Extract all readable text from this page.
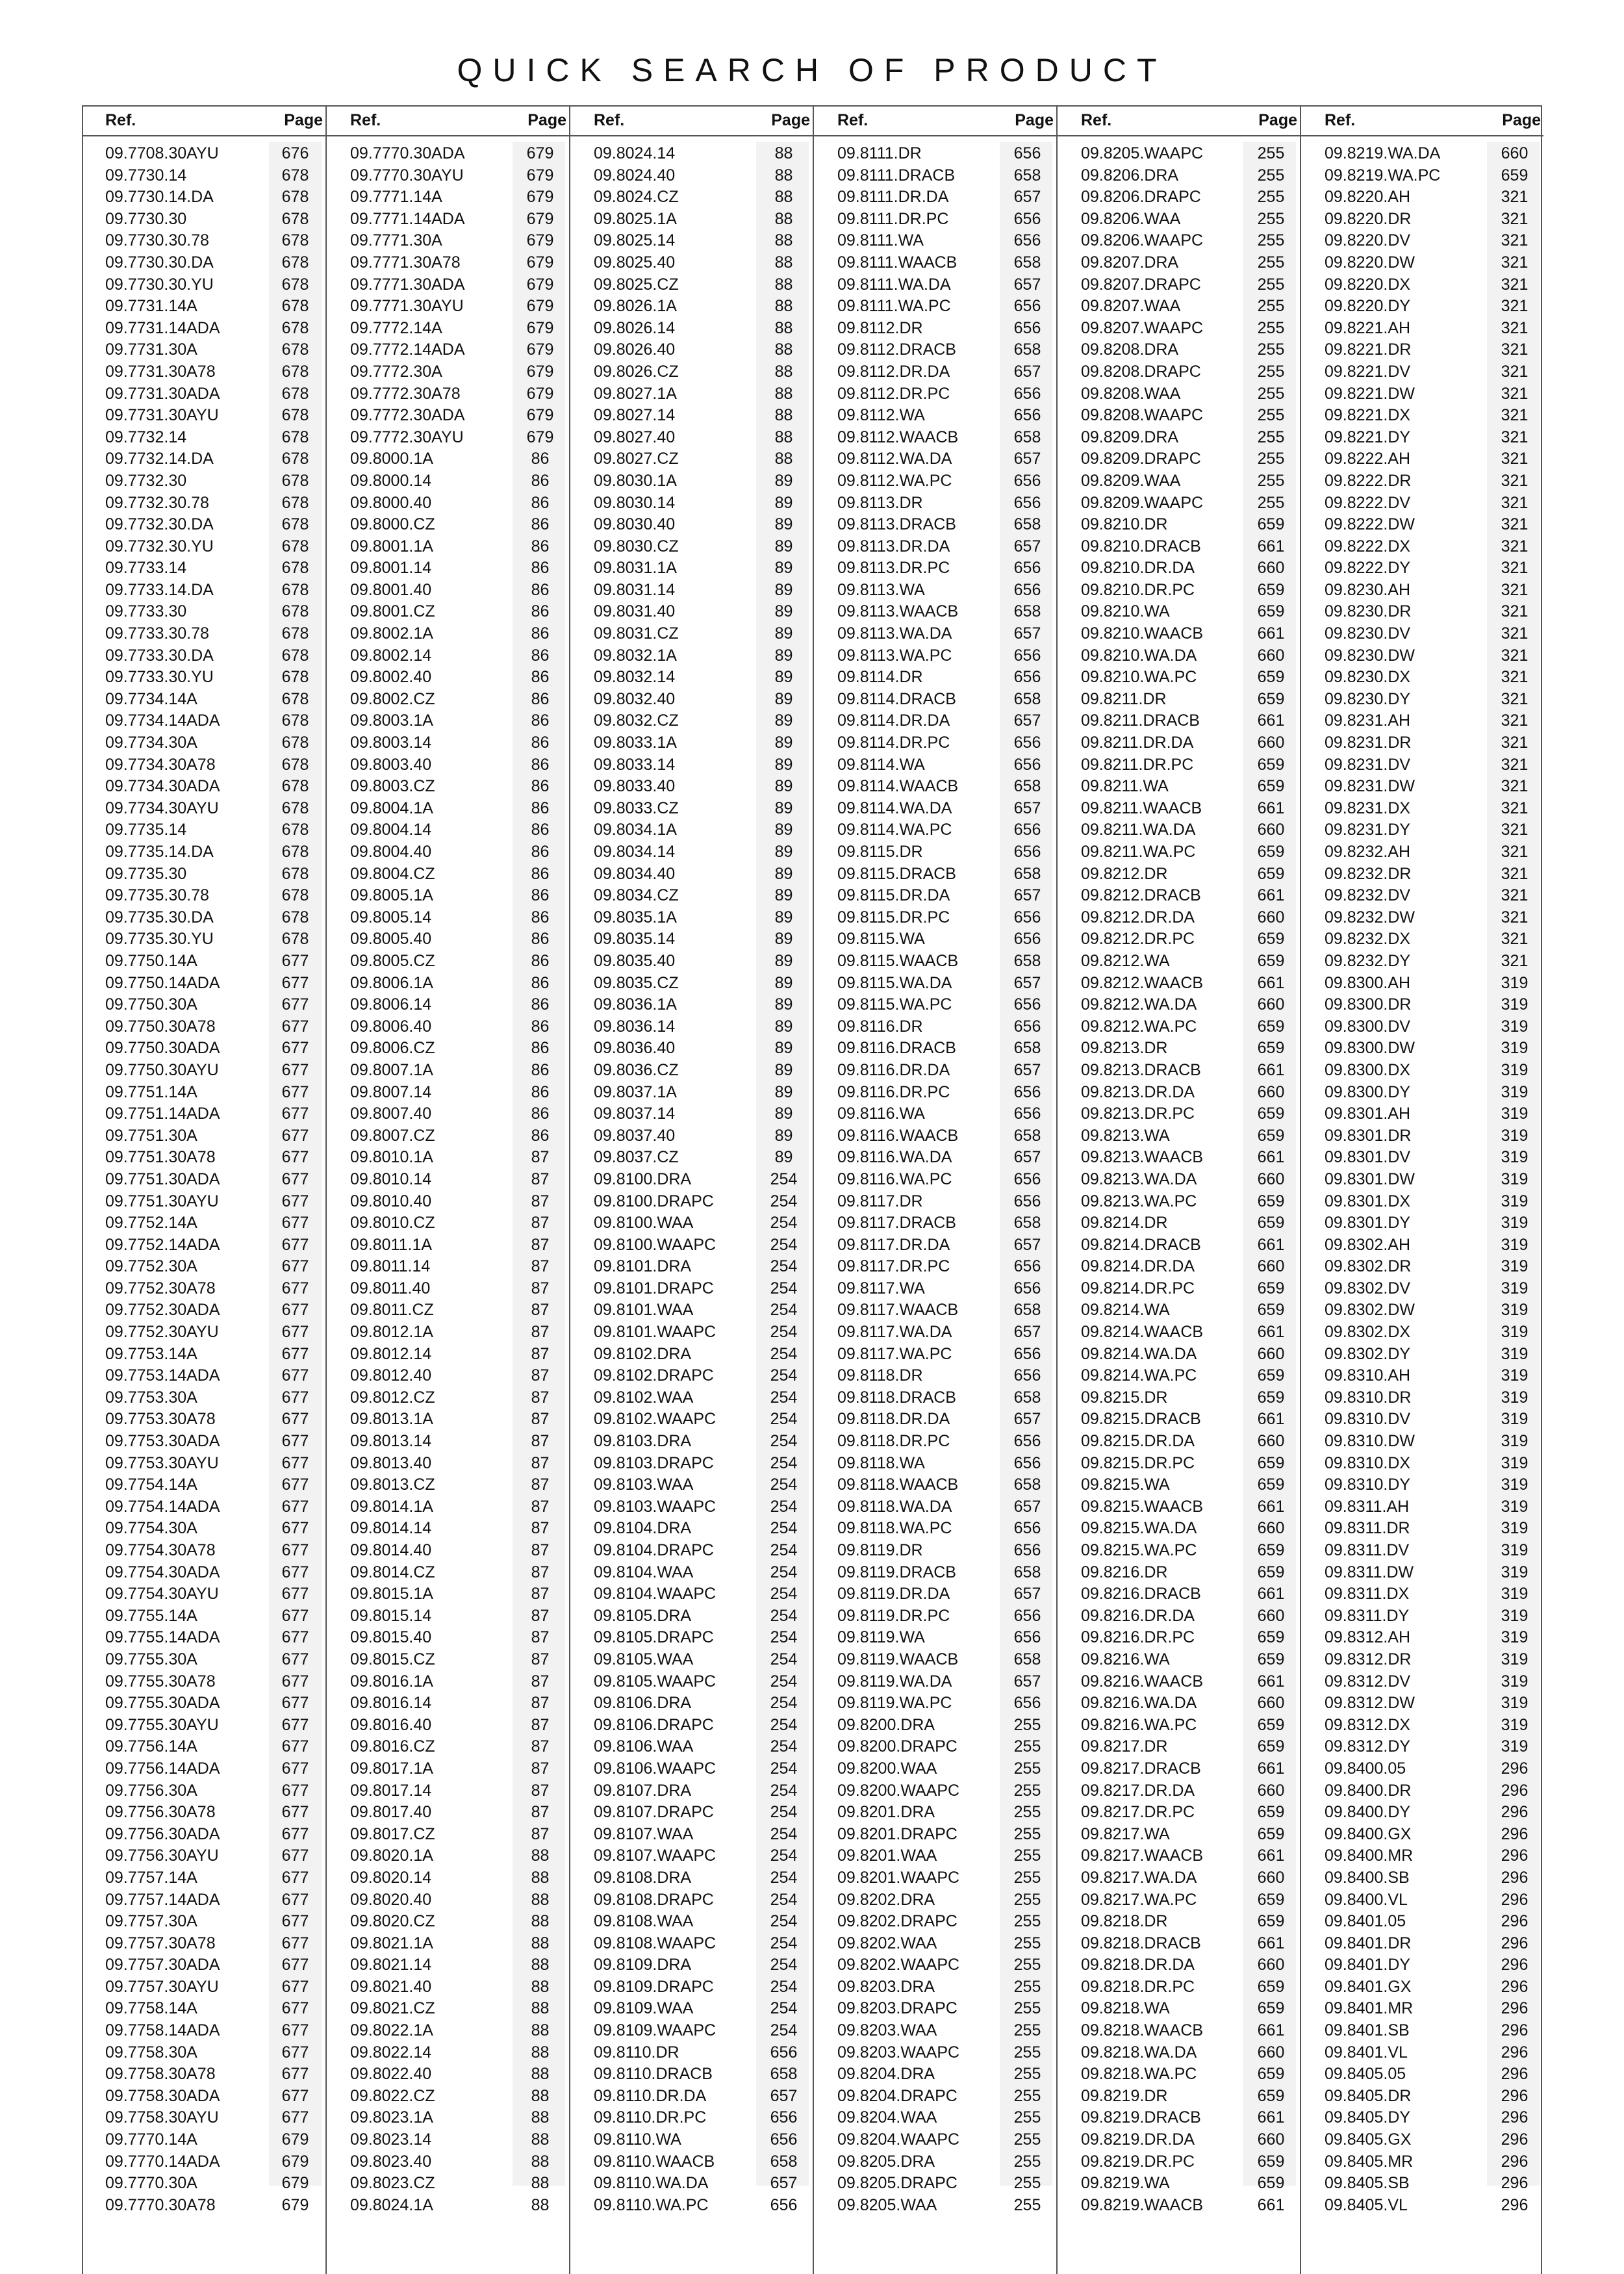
QUICK SEARCH OF PRODUCT
Ref.	Page
09.7708.30AYU	676
09.7730.14	678
09.7730.14.DA	678
09.7730.30	678
09.7730.30.78	678
09.7730.30.DA	678
09.7730.30.YU	678
09.7731.14A	678
09.7731.14ADA	678
09.7731.30A	678
09.7731.30A78	678
09.7731.30ADA	678
09.7731.30AYU	678
09.7732.14	678
09.7732.14.DA	678
09.7732.30	678
09.7732.30.78	678
09.7732.30.DA	678
09.7732.30.YU	678
09.7733.14	678
09.7733.14.DA	678
09.7733.30	678
09.7733.30.78	678
09.7733.30.DA	678
09.7733.30.YU	678
09.7734.14A	678
09.7734.14ADA	678
09.7734.30A	678
09.7734.30A78	678
09.7734.30ADA	678
09.7734.30AYU	678
09.7735.14	678
09.7735.14.DA	678
09.7735.30	678
09.7735.30.78	678
09.7735.30.DA	678
09.7735.30.YU	678
09.7750.14A	677
09.7750.14ADA	677
09.7750.30A	677
09.7750.30A78	677
09.7750.30ADA	677
09.7750.30AYU	677
09.7751.14A	677
09.7751.14ADA	677
09.7751.30A	677
09.7751.30A78	677
09.7751.30ADA	677
09.7751.30AYU	677
09.7752.14A	677
09.7752.14ADA	677
09.7752.30A	677
09.7752.30A78	677
09.7752.30ADA	677
09.7752.30AYU	677
09.7753.14A	677
09.7753.14ADA	677
09.7753.30A	677
09.7753.30A78	677
09.7753.30ADA	677
09.7753.30AYU	677
09.7754.14A	677
09.7754.14ADA	677
09.7754.30A	677
09.7754.30A78	677
09.7754.30ADA	677
09.7754.30AYU	677
09.7755.14A	677
09.7755.14ADA	677
09.7755.30A	677
09.7755.30A78	677
09.7755.30ADA	677
09.7755.30AYU	677
09.7756.14A	677
09.7756.14ADA	677
09.7756.30A	677
09.7756.30A78	677
09.7756.30ADA	677
09.7756.30AYU	677
09.7757.14A	677
09.7757.14ADA	677
09.7757.30A	677
09.7757.30A78	677
09.7757.30ADA	677
09.7757.30AYU	677
09.7758.14A	677
09.7758.14ADA	677
09.7758.30A	677
09.7758.30A78	677
09.7758.30ADA	677
09.7758.30AYU	677
09.7770.14A	679
09.7770.14ADA	679
09.7770.30A	679
09.7770.30A78	679
Ref.	Page
09.7770.30ADA	679
09.7770.30AYU	679
09.7771.14A	679
09.7771.14ADA	679
09.7771.30A	679
09.7771.30A78	679
09.7771.30ADA	679
09.7771.30AYU	679
09.7772.14A	679
09.7772.14ADA	679
09.7772.30A	679
09.7772.30A78	679
09.7772.30ADA	679
09.7772.30AYU	679
09.8000.1A	86
09.8000.14	86
09.8000.40	86
09.8000.CZ	86
09.8001.1A	86
09.8001.14	86
09.8001.40	86
09.8001.CZ	86
09.8002.1A	86
09.8002.14	86
09.8002.40	86
09.8002.CZ	86
09.8003.1A	86
09.8003.14	86
09.8003.40	86
09.8003.CZ	86
09.8004.1A	86
09.8004.14	86
09.8004.40	86
09.8004.CZ	86
09.8005.1A	86
09.8005.14	86
09.8005.40	86
09.8005.CZ	86
09.8006.1A	86
09.8006.14	86
09.8006.40	86
09.8006.CZ	86
09.8007.1A	86
09.8007.14	86
09.8007.40	86
09.8007.CZ	86
09.8010.1A	87
09.8010.14	87
09.8010.40	87
09.8010.CZ	87
09.8011.1A	87
09.8011.14	87
09.8011.40	87
09.8011.CZ	87
09.8012.1A	87
09.8012.14	87
09.8012.40	87
09.8012.CZ	87
09.8013.1A	87
09.8013.14	87
09.8013.40	87
09.8013.CZ	87
09.8014.1A	87
09.8014.14	87
09.8014.40	87
09.8014.CZ	87
09.8015.1A	87
09.8015.14	87
09.8015.40	87
09.8015.CZ	87
09.8016.1A	87
09.8016.14	87
09.8016.40	87
09.8016.CZ	87
09.8017.1A	87
09.8017.14	87
09.8017.40	87
09.8017.CZ	87
09.8020.1A	88
09.8020.14	88
09.8020.40	88
09.8020.CZ	88
09.8021.1A	88
09.8021.14	88
09.8021.40	88
09.8021.CZ	88
09.8022.1A	88
09.8022.14	88
09.8022.40	88
09.8022.CZ	88
09.8023.1A	88
09.8023.14	88
09.8023.40	88
09.8023.CZ	88
09.8024.1A	88
Ref.	Page
09.8024.14	88
09.8024.40	88
09.8024.CZ	88
09.8025.1A	88
09.8025.14	88
09.8025.40	88
09.8025.CZ	88
09.8026.1A	88
09.8026.14	88
09.8026.40	88
09.8026.CZ	88
09.8027.1A	88
09.8027.14	88
09.8027.40	88
09.8027.CZ	88
09.8030.1A	89
09.8030.14	89
09.8030.40	89
09.8030.CZ	89
09.8031.1A	89
09.8031.14	89
09.8031.40	89
09.8031.CZ	89
09.8032.1A	89
09.8032.14	89
09.8032.40	89
09.8032.CZ	89
09.8033.1A	89
09.8033.14	89
09.8033.40	89
09.8033.CZ	89
09.8034.1A	89
09.8034.14	89
09.8034.40	89
09.8034.CZ	89
09.8035.1A	89
09.8035.14	89
09.8035.40	89
09.8035.CZ	89
09.8036.1A	89
09.8036.14	89
09.8036.40	89
09.8036.CZ	89
09.8037.1A	89
09.8037.14	89
09.8037.40	89
09.8037.CZ	89
09.8100.DRA	254
09.8100.DRAPC	254
09.8100.WAA	254
09.8100.WAAPC	254
09.8101.DRA	254
09.8101.DRAPC	254
09.8101.WAA	254
09.8101.WAAPC	254
09.8102.DRA	254
09.8102.DRAPC	254
09.8102.WAA	254
09.8102.WAAPC	254
09.8103.DRA	254
09.8103.DRAPC	254
09.8103.WAA	254
09.8103.WAAPC	254
09.8104.DRA	254
09.8104.DRAPC	254
09.8104.WAA	254
09.8104.WAAPC	254
09.8105.DRA	254
09.8105.DRAPC	254
09.8105.WAA	254
09.8105.WAAPC	254
09.8106.DRA	254
09.8106.DRAPC	254
09.8106.WAA	254
09.8106.WAAPC	254
09.8107.DRA	254
09.8107.DRAPC	254
09.8107.WAA	254
09.8107.WAAPC	254
09.8108.DRA	254
09.8108.DRAPC	254
09.8108.WAA	254
09.8108.WAAPC	254
09.8109.DRA	254
09.8109.DRAPC	254
09.8109.WAA	254
09.8109.WAAPC	254
09.8110.DR	656
09.8110.DRACB	658
09.8110.DR.DA	657
09.8110.DR.PC	656
09.8110.WA	656
09.8110.WAACB	658
09.8110.WA.DA	657
09.8110.WA.PC	656
Ref.	Page
09.8111.DR	656
09.8111.DRACB	658
09.8111.DR.DA	657
09.8111.DR.PC	656
09.8111.WA	656
09.8111.WAACB	658
09.8111.WA.DA	657
09.8111.WA.PC	656
09.8112.DR	656
09.8112.DRACB	658
09.8112.DR.DA	657
09.8112.DR.PC	656
09.8112.WA	656
09.8112.WAACB	658
09.8112.WA.DA	657
09.8112.WA.PC	656
09.8113.DR	656
09.8113.DRACB	658
09.8113.DR.DA	657
09.8113.DR.PC	656
09.8113.WA	656
09.8113.WAACB	658
09.8113.WA.DA	657
09.8113.WA.PC	656
09.8114.DR	656
09.8114.DRACB	658
09.8114.DR.DA	657
09.8114.DR.PC	656
09.8114.WA	656
09.8114.WAACB	658
09.8114.WA.DA	657
09.8114.WA.PC	656
09.8115.DR	656
09.8115.DRACB	658
09.8115.DR.DA	657
09.8115.DR.PC	656
09.8115.WA	656
09.8115.WAACB	658
09.8115.WA.DA	657
09.8115.WA.PC	656
09.8116.DR	656
09.8116.DRACB	658
09.8116.DR.DA	657
09.8116.DR.PC	656
09.8116.WA	656
09.8116.WAACB	658
09.8116.WA.DA	657
09.8116.WA.PC	656
09.8117.DR	656
09.8117.DRACB	658
09.8117.DR.DA	657
09.8117.DR.PC	656
09.8117.WA	656
09.8117.WAACB	658
09.8117.WA.DA	657
09.8117.WA.PC	656
09.8118.DR	656
09.8118.DRACB	658
09.8118.DR.DA	657
09.8118.DR.PC	656
09.8118.WA	656
09.8118.WAACB	658
09.8118.WA.DA	657
09.8118.WA.PC	656
09.8119.DR	656
09.8119.DRACB	658
09.8119.DR.DA	657
09.8119.DR.PC	656
09.8119.WA	656
09.8119.WAACB	658
09.8119.WA.DA	657
09.8119.WA.PC	656
09.8200.DRA	255
09.8200.DRAPC	255
09.8200.WAA	255
09.8200.WAAPC	255
09.8201.DRA	255
09.8201.DRAPC	255
09.8201.WAA	255
09.8201.WAAPC	255
09.8202.DRA	255
09.8202.DRAPC	255
09.8202.WAA	255
09.8202.WAAPC	255
09.8203.DRA	255
09.8203.DRAPC	255
09.8203.WAA	255
09.8203.WAAPC	255
09.8204.DRA	255
09.8204.DRAPC	255
09.8204.WAA	255
09.8204.WAAPC	255
09.8205.DRA	255
09.8205.DRAPC	255
09.8205.WAA	255
Ref.	Page
09.8205.WAAPC	255
09.8206.DRA	255
09.8206.DRAPC	255
09.8206.WAA	255
09.8206.WAAPC	255
09.8207.DRA	255
09.8207.DRAPC	255
09.8207.WAA	255
09.8207.WAAPC	255
09.8208.DRA	255
09.8208.DRAPC	255
09.8208.WAA	255
09.8208.WAAPC	255
09.8209.DRA	255
09.8209.DRAPC	255
09.8209.WAA	255
09.8209.WAAPC	255
09.8210.DR	659
09.8210.DRACB	661
09.8210.DR.DA	660
09.8210.DR.PC	659
09.8210.WA	659
09.8210.WAACB	661
09.8210.WA.DA	660
09.8210.WA.PC	659
09.8211.DR	659
09.8211.DRACB	661
09.8211.DR.DA	660
09.8211.DR.PC	659
09.8211.WA	659
09.8211.WAACB	661
09.8211.WA.DA	660
09.8211.WA.PC	659
09.8212.DR	659
09.8212.DRACB	661
09.8212.DR.DA	660
09.8212.DR.PC	659
09.8212.WA	659
09.8212.WAACB	661
09.8212.WA.DA	660
09.8212.WA.PC	659
09.8213.DR	659
09.8213.DRACB	661
09.8213.DR.DA	660
09.8213.DR.PC	659
09.8213.WA	659
09.8213.WAACB	661
09.8213.WA.DA	660
09.8213.WA.PC	659
09.8214.DR	659
09.8214.DRACB	661
09.8214.DR.DA	660
09.8214.DR.PC	659
09.8214.WA	659
09.8214.WAACB	661
09.8214.WA.DA	660
09.8214.WA.PC	659
09.8215.DR	659
09.8215.DRACB	661
09.8215.DR.DA	660
09.8215.DR.PC	659
09.8215.WA	659
09.8215.WAACB	661
09.8215.WA.DA	660
09.8215.WA.PC	659
09.8216.DR	659
09.8216.DRACB	661
09.8216.DR.DA	660
09.8216.DR.PC	659
09.8216.WA	659
09.8216.WAACB	661
09.8216.WA.DA	660
09.8216.WA.PC	659
09.8217.DR	659
09.8217.DRACB	661
09.8217.DR.DA	660
09.8217.DR.PC	659
09.8217.WA	659
09.8217.WAACB	661
09.8217.WA.DA	660
09.8217.WA.PC	659
09.8218.DR	659
09.8218.DRACB	661
09.8218.DR.DA	660
09.8218.DR.PC	659
09.8218.WA	659
09.8218.WAACB	661
09.8218.WA.DA	660
09.8218.WA.PC	659
09.8219.DR	659
09.8219.DRACB	661
09.8219.DR.DA	660
09.8219.DR.PC	659
09.8219.WA	659
09.8219.WAACB	661
Ref.	Page
09.8219.WA.DA	660
09.8219.WA.PC	659
09.8220.AH	321
09.8220.DR	321
09.8220.DV	321
09.8220.DW	321
09.8220.DX	321
09.8220.DY	321
09.8221.AH	321
09.8221.DR	321
09.8221.DV	321
09.8221.DW	321
09.8221.DX	321
09.8221.DY	321
09.8222.AH	321
09.8222.DR	321
09.8222.DV	321
09.8222.DW	321
09.8222.DX	321
09.8222.DY	321
09.8230.AH	321
09.8230.DR	321
09.8230.DV	321
09.8230.DW	321
09.8230.DX	321
09.8230.DY	321
09.8231.AH	321
09.8231.DR	321
09.8231.DV	321
09.8231.DW	321
09.8231.DX	321
09.8231.DY	321
09.8232.AH	321
09.8232.DR	321
09.8232.DV	321
09.8232.DW	321
09.8232.DX	321
09.8232.DY	321
09.8300.AH	319
09.8300.DR	319
09.8300.DV	319
09.8300.DW	319
09.8300.DX	319
09.8300.DY	319
09.8301.AH	319
09.8301.DR	319
09.8301.DV	319
09.8301.DW	319
09.8301.DX	319
09.8301.DY	319
09.8302.AH	319
09.8302.DR	319
09.8302.DV	319
09.8302.DW	319
09.8302.DX	319
09.8302.DY	319
09.8310.AH	319
09.8310.DR	319
09.8310.DV	319
09.8310.DW	319
09.8310.DX	319
09.8310.DY	319
09.8311.AH	319
09.8311.DR	319
09.8311.DV	319
09.8311.DW	319
09.8311.DX	319
09.8311.DY	319
09.8312.AH	319
09.8312.DR	319
09.8312.DV	319
09.8312.DW	319
09.8312.DX	319
09.8312.DY	319
09.8400.05	296
09.8400.DR	296
09.8400.DY	296
09.8400.GX	296
09.8400.MR	296
09.8400.SB	296
09.8400.VL	296
09.8401.05	296
09.8401.DR	296
09.8401.DY	296
09.8401.GX	296
09.8401.MR	296
09.8401.SB	296
09.8401.VL	296
09.8405.05	296
09.8405.DR	296
09.8405.DY	296
09.8405.GX	296
09.8405.MR	296
09.8405.SB	296
09.8405.VL	296
